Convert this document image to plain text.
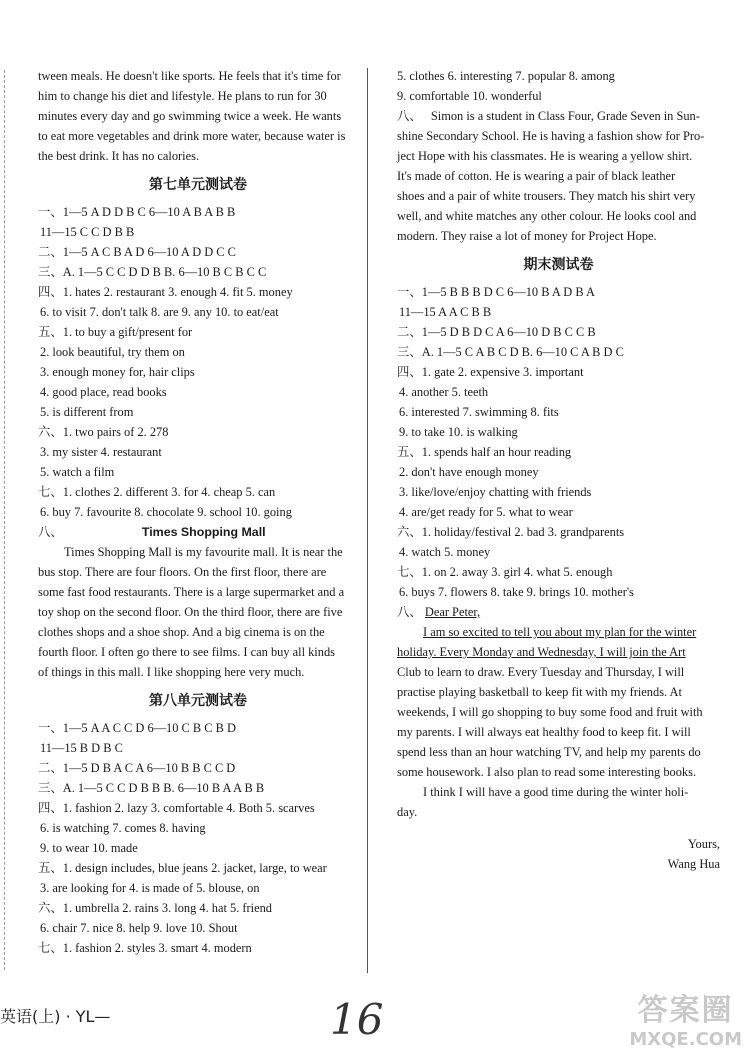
tween meals. He doesn't like sports. He feels that it's time for
him to change his diet and lifestyle. He plans to run for 30
minutes every day and go swimming twice a week. He wants
to eat more vegetables and drink more water, because water is
the best drink. It has no calories.
第七单元测试卷
一、1—5 A D D B C 6—10 A B A B B
11—15 C C D B B
二、1—5 A C B A D 6—10 A D D C C
三、A. 1—5 C C D D B B. 6—10 B C B C C
四、1. hates 2. restaurant 3. enough 4. fit 5. money
6. to visit 7. don't talk 8. are 9. any 10. to eat/eat
五、1. to buy a gift/present for
2. look beautiful, try them on
3. enough money for, hair clips
4. good place, read books
5. is different from
六、1. two pairs of 2. 278
3. my sister 4. restaurant
5. watch a film
七、1. clothes 2. different 3. for 4. cheap 5. can
6. buy 7. favourite 8. chocolate 9. school 10. going
八、	Times Shopping Mall
Times Shopping Mall is my favourite mall. It is near the
bus stop. There are four floors. On the first floor, there are
some fast food restaurants. There is a large supermarket and a
toy shop on the second floor. On the third floor, there are five
clothes shops and a shoe shop. And a big cinema is on the
fourth floor. I often go there to see films. I can buy all kinds
of things in this mall. I like shopping here very much.
第八单元测试卷
一、1—5 A A C C D 6—10 C B C B D
11—15 B D B C
二、1—5 D B A C A 6—10 B B C C D
三、A. 1—5 C C D B B B. 6—10 B A A B B
四、1. fashion 2. lazy 3. comfortable 4. Both 5. scarves
6. is watching 7. comes 8. having
9. to wear 10. made
五、1. design includes, blue jeans 2. jacket, large, to wear
3. are looking for 4. is made of 5. blouse, on
六、1. umbrella 2. rains 3. long 4. hat 5. friend
6. chair 7. nice 8. help 9. love 10. Shout
七、1. fashion 2. styles 3. smart 4. modern
5. clothes 6. interesting 7. popular 8. among
9. comfortable 10. wonderful
八、 Simon is a student in Class Four, Grade Seven in Sun-
shine Secondary School. He is having a fashion show for Pro-
ject Hope with his classmates. He is wearing a yellow shirt.
It's made of cotton. He is wearing a pair of black leather
shoes and a pair of white trousers. They match his shirt very
well, and white matches any other colour. He looks cool and
modern. They raise a lot of money for Project Hope.
期末测试卷
一、1—5 B B B D C 6—10 B A D B A
11—15 A A C B B
二、1—5 D B D C A 6—10 D B C C B
三、A. 1—5 C A B C D B. 6—10 C A B D C
四、1. gate 2. expensive 3. important
4. another 5. teeth
6. interested 7. swimming 8. fits
9. to take 10. is walking
五、1. spends half an hour reading
2. don't have enough money
3. like/love/enjoy chatting with friends
4. are/get ready for 5. what to wear
六、1. holiday/festival 2. bad 3. grandparents
4. watch 5. money
七、1. on 2. away 3. girl 4. what 5. enough
6. buys 7. flowers 8. take 9. brings 10. mother's
八、 Dear Peter,
I am so excited to tell you about my plan for the winter
holiday. Every Monday and Wednesday, I will join the Art
Club to learn to draw. Every Tuesday and Thursday, I will
practise playing basketball to keep fit with my friends. At
weekends, I will go shopping to buy some food and fruit with
my parents. I will always eat healthy food to keep fit. I will
spend less than an hour watching TV, and help my parents do
some housework. I also plan to read some interesting books.
I think I will have a good time during the winter holi-
day.
Yours,
Wang Hua
英语(上) · YL—	16	答案圈
MXQE.COM
